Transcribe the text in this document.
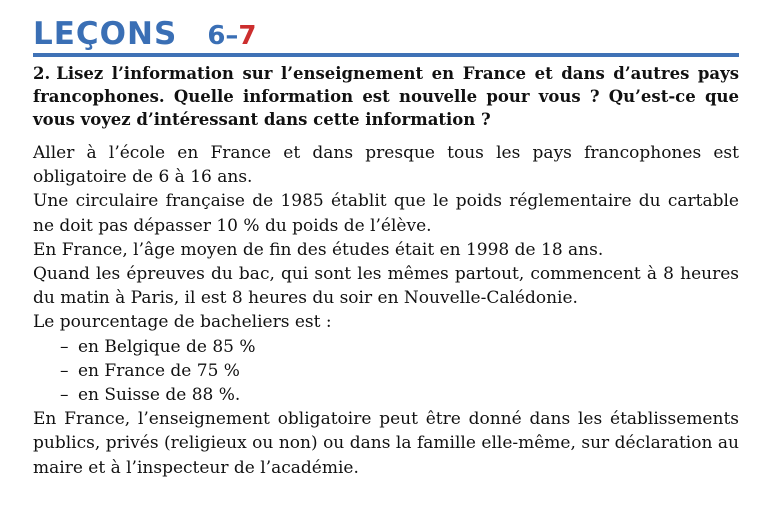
LEÇONS 6–7

2. Lisez l’information sur l’enseignement en France et dans d’autres pays francophones. Quelle information est nouvelle pour vous ? Qu’est-ce que vous voyez d’intéressant dans cette information ?

Aller à l’école en France et dans presque tous les pays francophones est obligatoire de 6 à 16 ans.

Une circulaire française de 1985 établit que le poids réglementaire du cartable ne doit pas dépasser 10 % du poids de l’élève.

En France, l’âge moyen de fin des études était en 1998 de 18 ans.

Quand les épreuves du bac, qui sont les mêmes partout, commencent à 8 heures du matin à Paris, il est 8 heures du soir en Nouvelle-Calédonie.

Le pourcentage de bacheliers est :

– en Belgique de 85 %
– en France de 75 %
– en Suisse de 88 %.

En France, l’enseignement obligatoire peut être donné dans les établissements publics, privés (religieux ou non) ou dans la famille elle-même, sur déclaration au maire et à l’inspecteur de l’académie.
